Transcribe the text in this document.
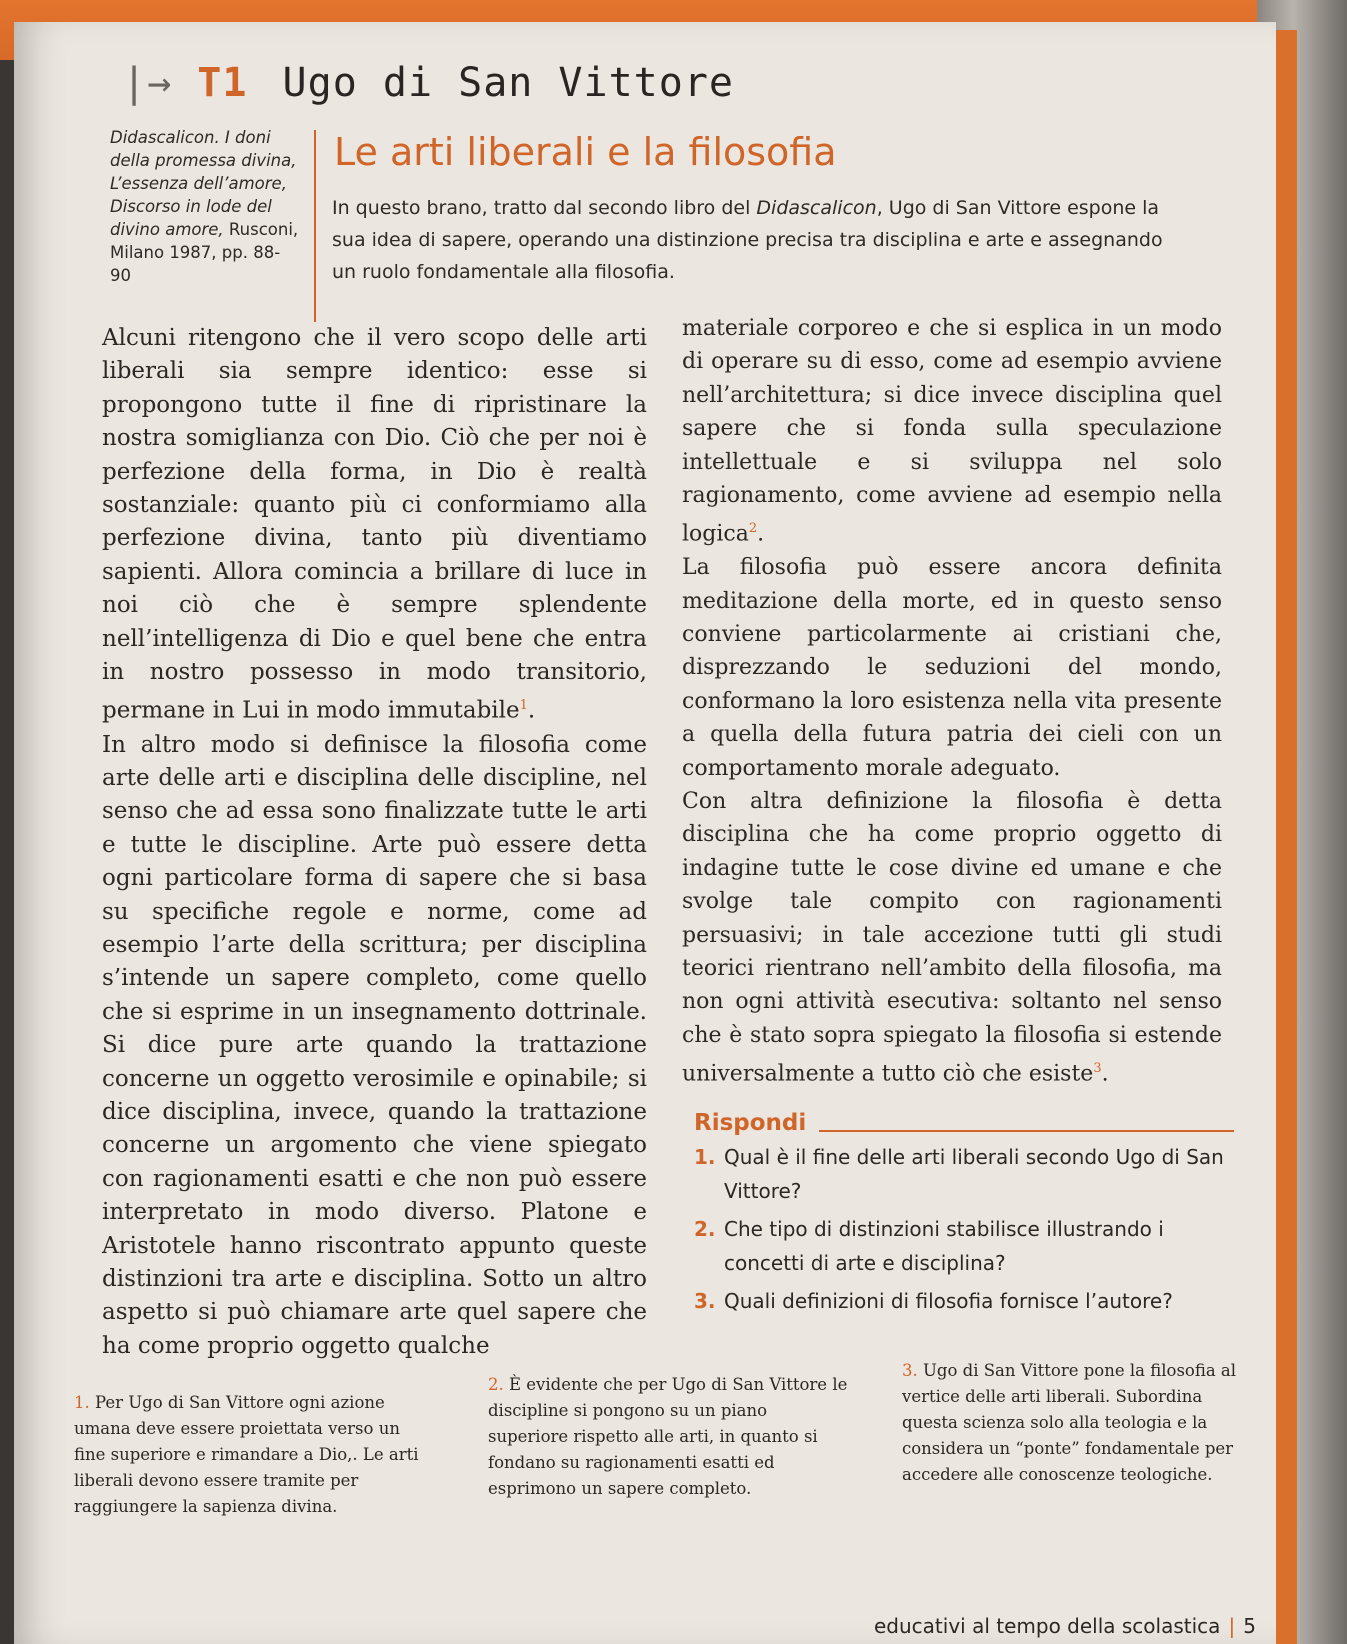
|→ T1 Ugo di San Vittore
Didascalicon. I doni della promessa divina, L’essenza dell’amore, Discorso in lode del divino amore, Rusconi, Milano 1987, pp. 88-90
Le arti liberali e la filosofia
In questo brano, tratto dal secondo libro del Didascalicon, Ugo di San Vittore espone la sua idea di sapere, operando una distinzione precisa tra disciplina e arte e assegnando un ruolo fondamentale alla filosofia.

Alcuni ritengono che il vero scopo delle arti liberali sia sempre identico: esse si propongono tutte il fine di ripristinare la nostra somiglianza con Dio. Ciò che per noi è perfezione della forma, in Dio è realtà sostanziale: quanto più ci conformiamo alla perfezione divina, tanto più diventiamo sapienti. Allora comincia a brillare di luce in noi ciò che è sempre splendente nell’intelligenza di Dio e quel bene che entra in nostro possesso in modo transitorio, permane in Lui in modo immutabile$^1$.

In altro modo si definisce la filosofia come arte delle arti e disciplina delle discipline, nel senso che ad essa sono finalizzate tutte le arti e tutte le discipline. Arte può essere detta ogni particolare forma di sapere che si basa su specifiche regole e norme, come ad esempio l’arte della scrittura; per disciplina s’intende un sapere completo, come quello che si esprime in un insegnamento dottrinale. Si dice pure arte quando la trattazione concerne un oggetto verosimile e opinabile; si dice disciplina, invece, quando la trattazione concerne un argomento che viene spiegato con ragionamenti esatti e che non può essere interpretato in modo diverso. Platone e Aristotele hanno riscontrato appunto queste distinzioni tra arte e disciplina. Sotto un altro aspetto si può chiamare arte quel sapere che ha come proprio oggetto qualche

materiale corporeo e che si esplica in un modo di operare su di esso, come ad esempio avviene nell’architettura; si dice invece disciplina quel sapere che si fonda sulla speculazione intellettuale e si sviluppa nel solo ragionamento, come avviene ad esempio nella logica$^2$.

La filosofia può essere ancora definita meditazione della morte, ed in questo senso conviene particolarmente ai cristiani che, disprezzando le seduzioni del mondo, conformano la loro esistenza nella vita presente a quella della futura patria dei cieli con un comportamento morale adeguato.

Con altra definizione la filosofia è detta disciplina che ha come proprio oggetto di indagine tutte le cose divine ed umane e che svolge tale compito con ragionamenti persuasivi; in tale accezione tutti gli studi teorici rientrano nell’ambito della filosofia, ma non ogni attività esecutiva: soltanto nel senso che è stato sopra spiegato la filosofia si estende universalmente a tutto ciò che esiste$^3$.

Rispondi
1. Qual è il fine delle arti liberali secondo Ugo di San Vittore?
2. Che tipo di distinzioni stabilisce illustrando i concetti di arte e disciplina?
3. Quali definizioni di filosofia fornisce l’autore?
1. Per Ugo di San Vittore ogni azione umana deve essere proiettata verso un fine superiore e rimandare a Dio,. Le arti liberali devono essere tramite per raggiungere la sapienza divina.
2. È evidente che per Ugo di San Vittore le discipline si pongono su un piano superiore rispetto alle arti, in quanto si fondano su ragionamenti esatti ed esprimono un sapere completo.
3. Ugo di San Vittore pone la filosofia al vertice delle arti liberali. Subordina questa scienza solo alla teologia e la considera un “ponte” fondamentale per accedere alle conoscenze teologiche.
educativi al tempo della scolastica | 5
